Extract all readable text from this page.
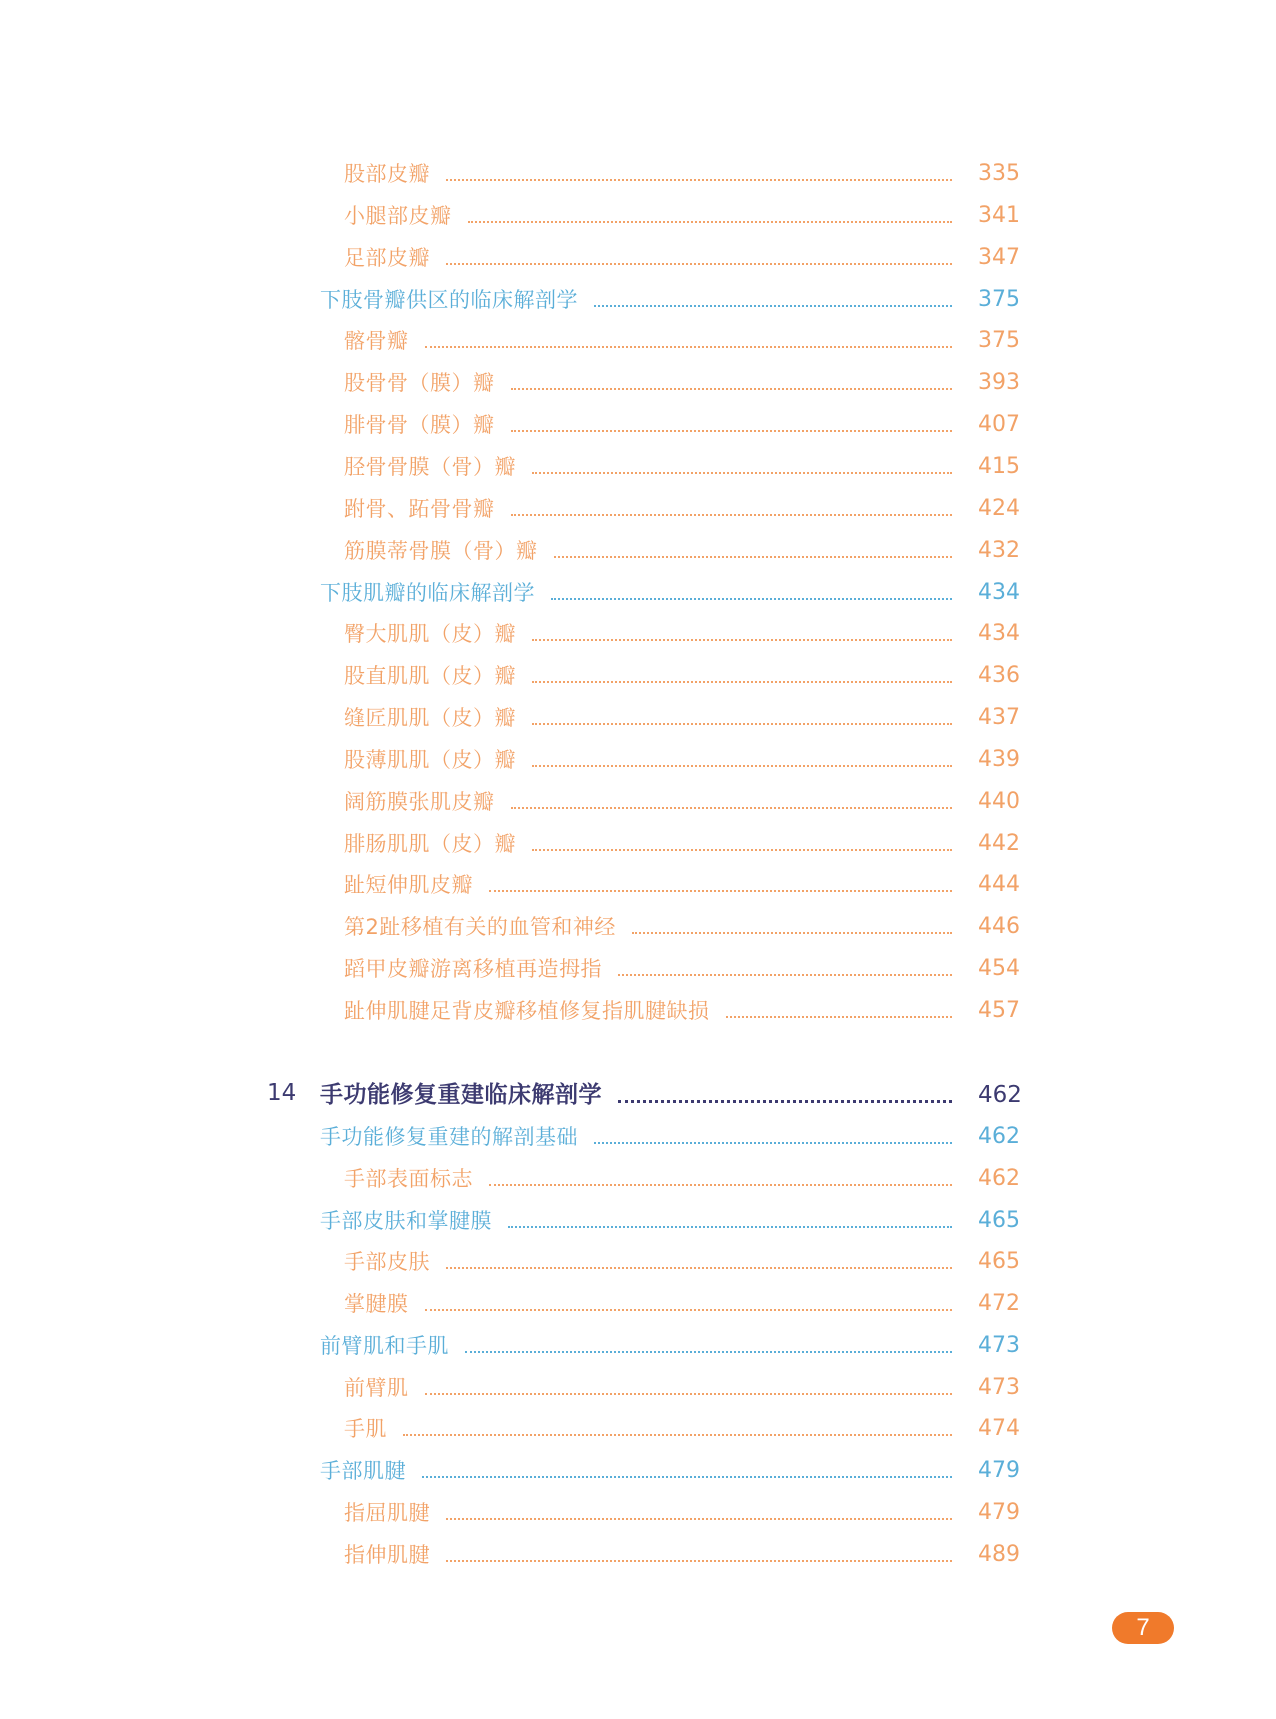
股部皮瓣	335
小腿部皮瓣	341
足部皮瓣	347
下肢骨瓣供区的临床解剖学	375
髂骨瓣	375
股骨骨（膜）瓣	393
腓骨骨（膜）瓣	407
胫骨骨膜（骨）瓣	415
跗骨、跖骨骨瓣	424
筋膜蒂骨膜（骨）瓣	432
下肢肌瓣的临床解剖学	434
臀大肌肌（皮）瓣	434
股直肌肌（皮）瓣	436
缝匠肌肌（皮）瓣	437
股薄肌肌（皮）瓣	439
阔筋膜张肌皮瓣	440
腓肠肌肌（皮）瓣	442
趾短伸肌皮瓣	444
第2趾移植有关的血管和神经	446
蹈甲皮瓣游离移植再造拇指	454
趾伸肌腱足背皮瓣移植修复指肌腱缺损	457
14 手功能修复重建临床解剖学	462
手功能修复重建的解剖基础	462
手部表面标志	462
手部皮肤和掌腱膜	465
手部皮肤	465
掌腱膜	472
前臂肌和手肌	473
前臂肌	473
手肌	474
手部肌腱	479
指屈肌腱	479
指伸肌腱	489
7
